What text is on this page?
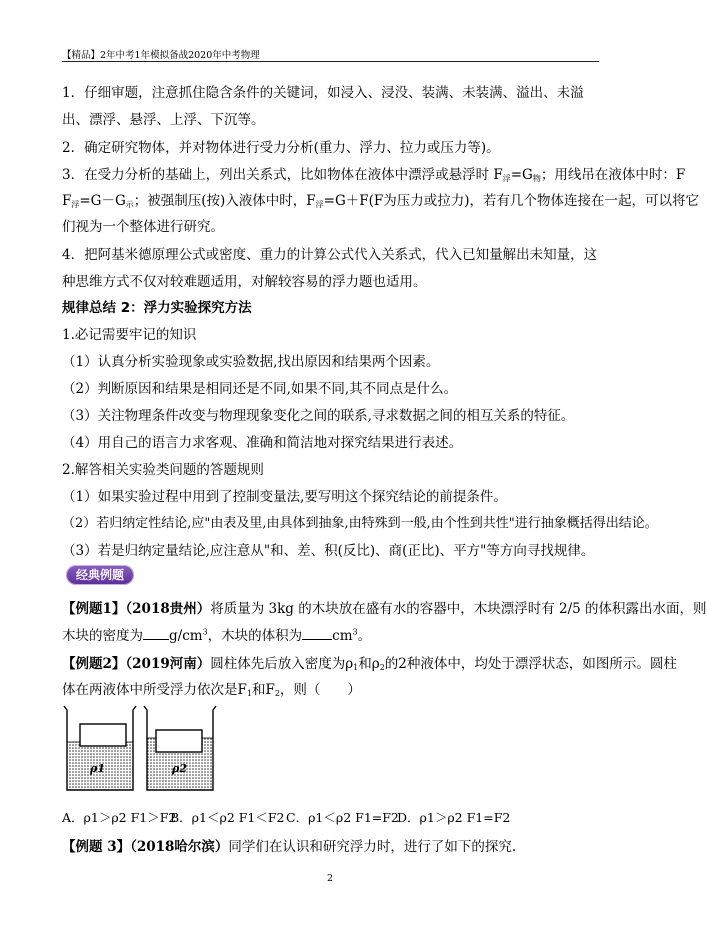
【精品】2年中考1年模拟备战2020年中考物理
1．仔细审题，注意抓住隐含条件的关键词，如浸入、浸没、装满、未装满、溢出、未溢出、漂浮、悬浮、上浮、下沉等。
2．确定研究物体，并对物体进行受力分析(重力、浮力、拉力或压力等)。
3．在受力分析的基础上，列出关系式，比如物体在液体中漂浮或悬浮时 $F_浮=G_物$；用线吊在液体中时：F
$F_浮=G-G_示$；被强制压(按)入液体中时，$F_浮=G+F(F$为压力或拉力)，若有几个物体连接在一起，可以将它
们视为一个整体进行研究。
4．把阿基米德原理公式或密度、重力的计算公式代入关系式，代入已知量解出未知量，这种思维方式不仅对较难题适用，对解较容易的浮力题也适用。
规律总结 2：浮力实验探究方法
1.必记需要牢记的知识
（1）认真分析实验现象或实验数据,找出原因和结果两个因素。
（2）判断原因和结果是相同还是不同,如果不同,其不同点是什么。
（3）关注物理条件改变与物理现象变化之间的联系,寻求数据之间的相互关系的特征。
（4）用自己的语言力求客观、准确和简洁地对探究结果进行表述。
2.解答相关实验类问题的答题规则
（1）如果实验过程中用到了控制变量法,要写明这个探究结论的前提条件。
（2）若归纳定性结论,应"由表及里,由具体到抽象,由特殊到一般,由个性到共性"进行抽象概括得出结论。
（3）若是归纳定量结论,应注意从"和、差、积(反比)、商(正比)、平方"等方向寻找规律。
经典例题
【例题1】（2018贵州）将质量为 3kg 的木块放在盛有水的容器中，木块漂浮时有 2/5 的体积露出水面，则
木块的密度为 $g/cm^3$，木块的体积为 $cm^3$。
【例题2】（2019河南）圆柱体先后放入密度为$\rho_1$和$\rho_2$的2种液体中，均处于漂浮状态，如图所示。圆柱
体在两液体中所受浮力依次是$F_1$和$F_2$，则（　　）
ρ1	ρ2
A．ρ1＞ρ2 F1＞F2
B．ρ1＜ρ2 F1＜F2 C．ρ1＜ρ2 F1=F2
D．ρ1＞ρ2 F1=F2
【例题 3】（2018哈尔滨）同学们在认识和研究浮力时，进行了如下的探究.
2
